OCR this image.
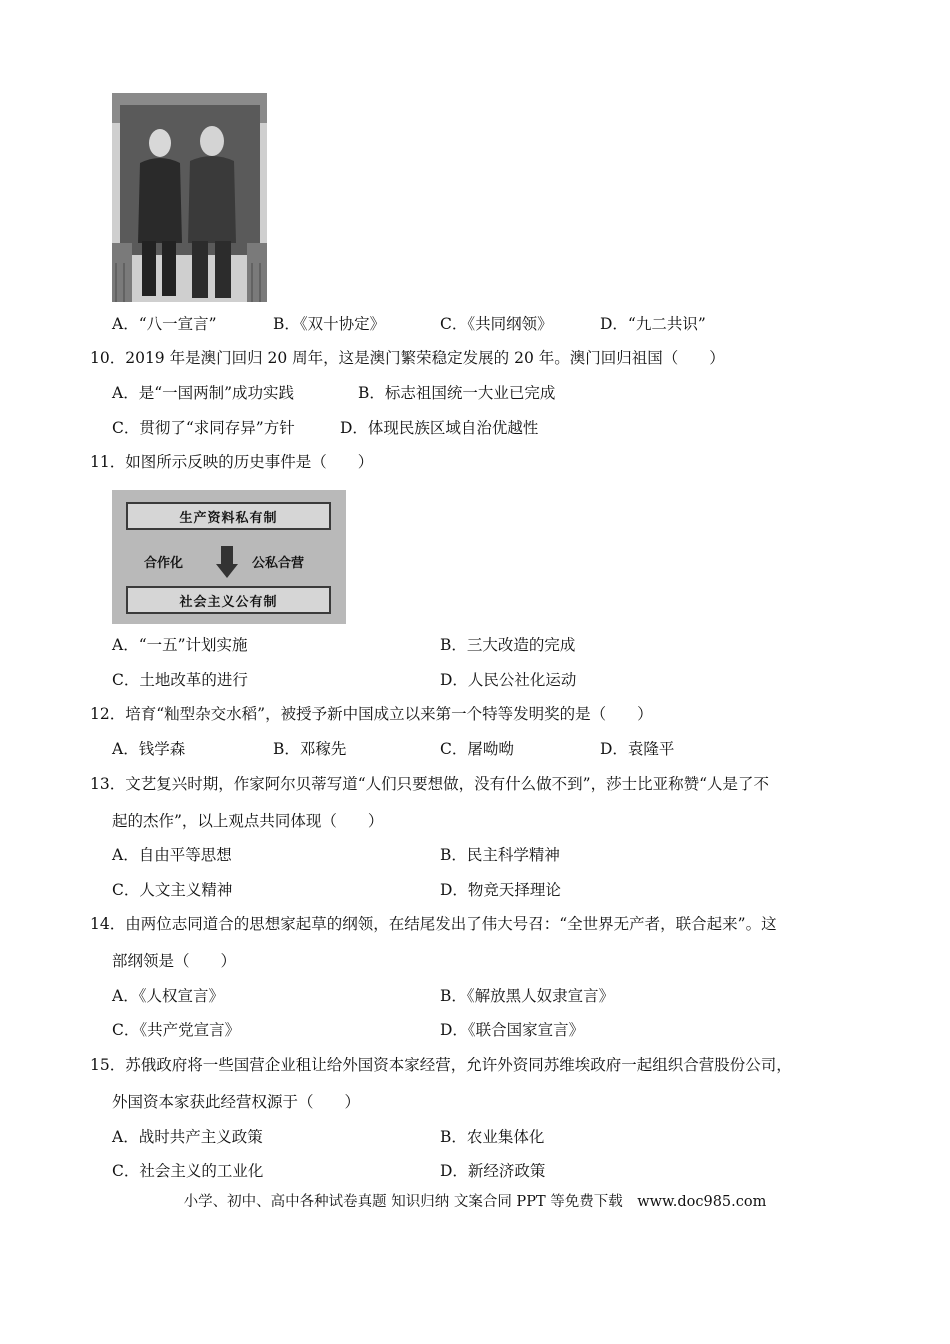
A．“八一宣言”	B．《双十协定》	C．《共同纲领》	D．“九二共识”
10．2019 年是澳门回归 20 周年，这是澳门繁荣稳定发展的 20 年。澳门回归祖国（　　）
A．是“一国两制”成功实践	B．标志祖国统一大业已完成
C．贯彻了“求同存异”方针	D．体现民族区域自治优越性
11．如图所示反映的历史事件是（　　）
生产资料私有制
合作化	公私合营
社会主义公有制
A．“一五”计划实施	B．三大改造的完成
C．土地改革的进行	D．人民公社化运动
12．培育“籼型杂交水稻”，被授予新中国成立以来第一个特等发明奖的是（　　）
A．钱学森	B．邓稼先	C．屠呦呦	D．袁隆平
13．文艺复兴时期，作家阿尔贝蒂写道“人们只要想做，没有什么做不到”，莎士比亚称赞“人是了不
起的杰作”，以上观点共同体现（　　）
A．自由平等思想	B．民主科学精神
C．人文主义精神	D．物竞天择理论
14．由两位志同道合的思想家起草的纲领，在结尾发出了伟大号召：“全世界无产者，联合起来”。这
部纲领是（　　）
A．《人权宣言》	B．《解放黑人奴隶宣言》
C．《共产党宣言》	D．《联合国家宣言》
15．苏俄政府将一些国营企业租让给外国资本家经营，允许外资同苏维埃政府一起组织合营股份公司，
外国资本家获此经营权源于（　　）
A．战时共产主义政策	B．农业集体化
C．社会主义的工业化	D．新经济政策
小学、初中、高中各种试卷真题 知识归纳 文案合同 PPT 等免费下载　www.doc985.com
